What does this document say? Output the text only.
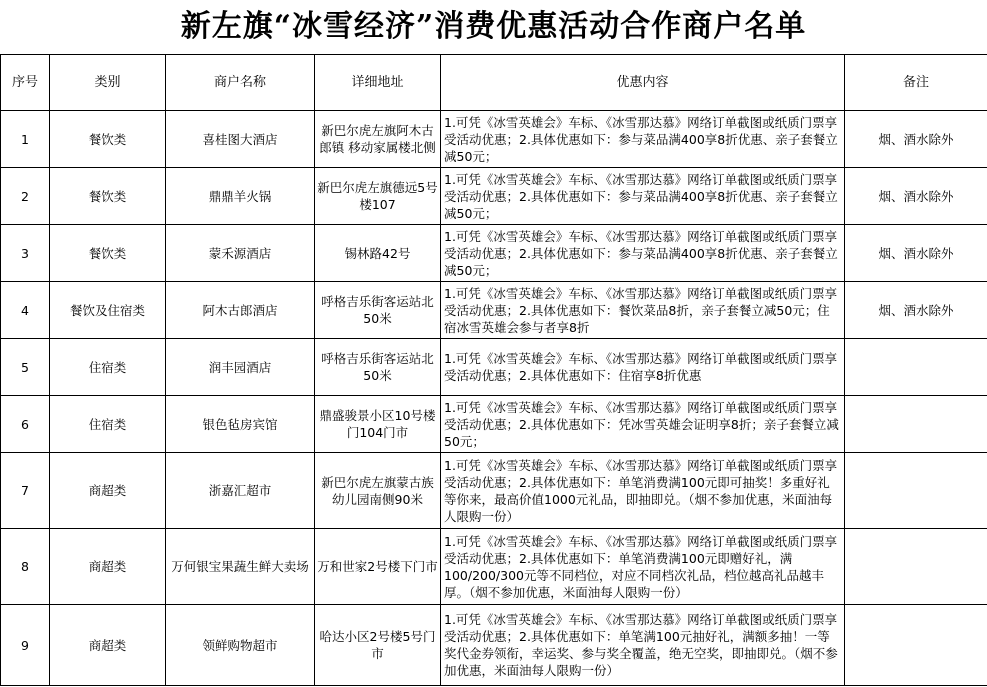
新左旗“冰雪经济”消费优惠活动合作商户名单
序号	类别	商户名称	详细地址	优惠内容	备注
1	餐饮类	喜桂图大酒店	新巴尔虎左旗阿木古郎镇 移动家属楼北侧	1.可凭《冰雪英雄会》车标、《冰雪那达慕》网络订单截图或纸质门票享受活动优惠；2.具体优惠如下：参与菜品满400享8折优惠、亲子套餐立减50元；	烟、酒水除外
2	餐饮类	鼎鼎羊火锅	新巴尔虎左旗德远5号楼107	1.可凭《冰雪英雄会》车标、《冰雪那达慕》网络订单截图或纸质门票享受活动优惠；2.具体优惠如下：参与菜品满400享8折优惠、亲子套餐立减50元；	烟、酒水除外
3	餐饮类	蒙禾源酒店	锡林路42号	1.可凭《冰雪英雄会》车标、《冰雪那达慕》网络订单截图或纸质门票享受活动优惠；2.具体优惠如下：参与菜品满400享8折优惠、亲子套餐立减50元；	烟、酒水除外
4	餐饮及住宿类	阿木古郎酒店	呼格吉乐街客运站北50米	1.可凭《冰雪英雄会》车标、《冰雪那达慕》网络订单截图或纸质门票享受活动优惠；2.具体优惠如下：餐饮菜品8折，亲子套餐立减50元；住宿冰雪英雄会参与者享8折	烟、酒水除外
5	住宿类	润丰园酒店	呼格吉乐街客运站北50米	1.可凭《冰雪英雄会》车标、《冰雪那达慕》网络订单截图或纸质门票享受活动优惠；2.具体优惠如下：住宿享8折优惠	
6	住宿类	银色毡房宾馆	鼎盛骏景小区10号楼门104门市	1.可凭《冰雪英雄会》车标、《冰雪那达慕》网络订单截图或纸质门票享受活动优惠；2.具体优惠如下：凭冰雪英雄会证明享8折；亲子套餐立减50元；	
7	商超类	浙嘉汇超市	新巴尔虎左旗蒙古族幼儿园南侧90米	1.可凭《冰雪英雄会》车标、《冰雪那达慕》网络订单截图或纸质门票享受活动优惠；2.具体优惠如下：单笔消费满100元即可抽奖！多重好礼等你来，最高价值1000元礼品，即抽即兑。（烟不参加优惠，米面油每人限购一份）	
8	商超类	万何银宝果蔬生鲜大卖场	万和世家2号楼下门市	1.可凭《冰雪英雄会》车标、《冰雪那达慕》网络订单截图或纸质门票享受活动优惠；2.具体优惠如下：单笔消费满100元即赠好礼，满100/200/300元等不同档位，对应不同档次礼品，档位越高礼品越丰厚。（烟不参加优惠，米面油每人限购一份）	
9	商超类	领鲜购物超市	哈达小区2号楼5号门市	1.可凭《冰雪英雄会》车标、《冰雪那达慕》网络订单截图或纸质门票享受活动优惠；2.具体优惠如下：单笔满100元抽好礼，满额多抽！一等奖代金券领衔，幸运奖、参与奖全覆盖，绝无空奖，即抽即兑。（烟不参加优惠，米面油每人限购一份）	
